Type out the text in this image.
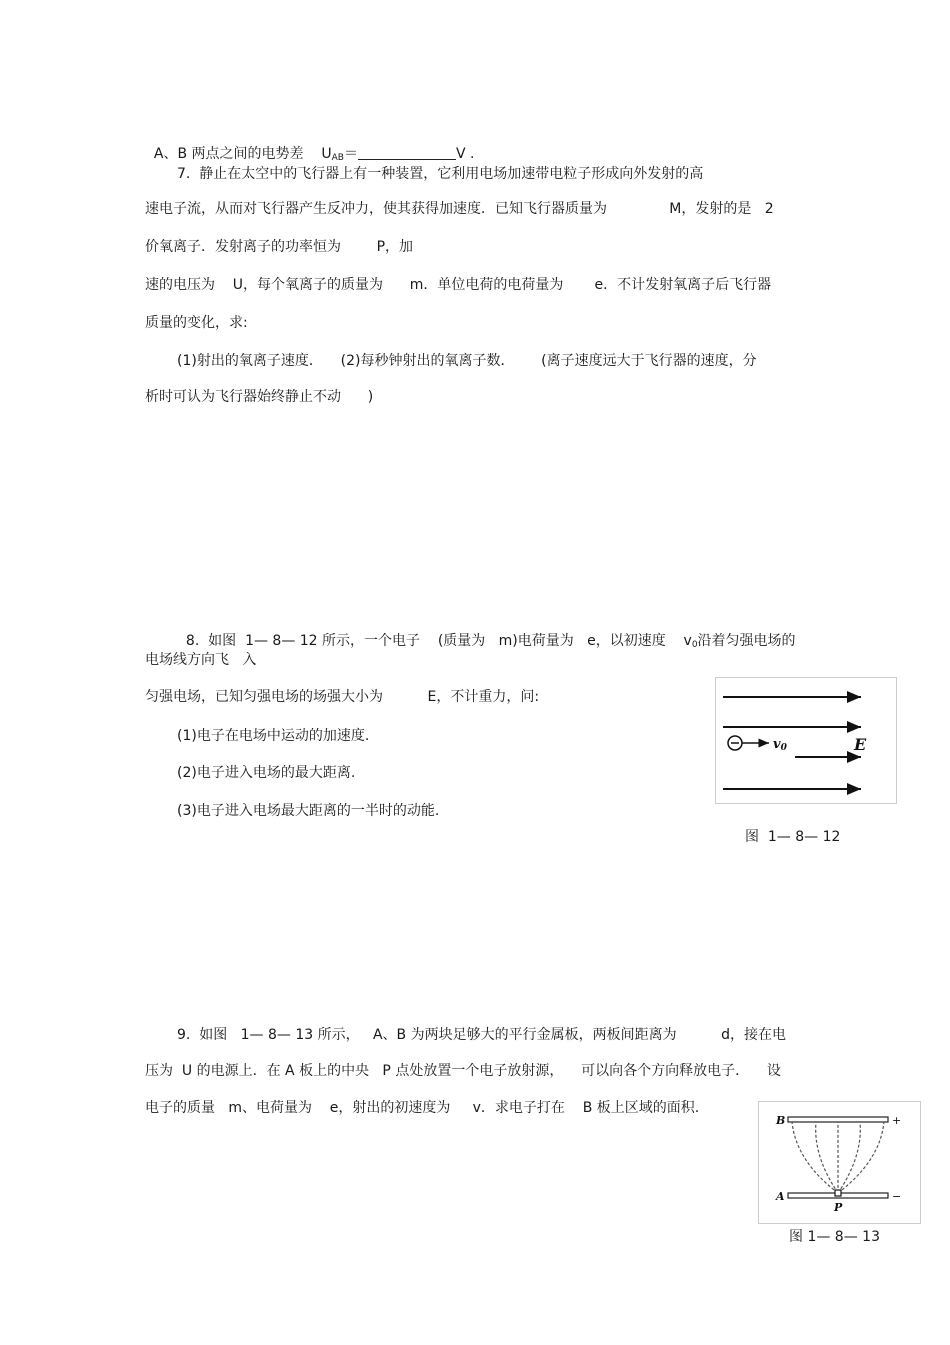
A、B 两点之间的电势差    $U_{AB}=$	V .

7.  静止在太空中的飞行器上有一种装置，它利用电场加速带电粒子形成向外发射的高
速电子流，从而对飞行器产生反冲力，使其获得加速度．已知飞行器质量为              M，发射的是   2
价氧离子．发射离子的功率恒为        P，加
速的电压为    U，每个氧离子的质量为      m．单位电荷的电荷量为       e．不计发射氧离子后飞行器
质量的变化，求:
(1)射出的氧离子速度．    (2)每秒钟射出的氧离子数．      (离子速度远大于飞行器的速度，分
析时可认为飞行器始终静止不动      )

8.  如图  1— 8— 12 所示，一个电子    (质量为   m)电荷量为   e，以初速度    $v_0$沿着匀强电场的

电场线方向飞   入
匀强电场，已知匀强电场的场强大小为          E，不计重力，问:
(1)电子在电场中运动的加速度.
(2)电子进入电场的最大距离.
(3)电子进入电场最大距离的一半时的动能.
v0	E
图  1— 8— 12
9.  如图   1— 8— 13 所示，   A、B 为两块足够大的平行金属板，两板间距离为          d，接在电
压为  U 的电源上．在 A 板上的中央   P 点处放置一个电子放射源，    可以向各个方向释放电子．    设
电子的质量   m、电荷量为    e，射出的初速度为     v．求电子打在    B 板上区域的面积.
B
A
P
+
−
图 1— 8— 13
